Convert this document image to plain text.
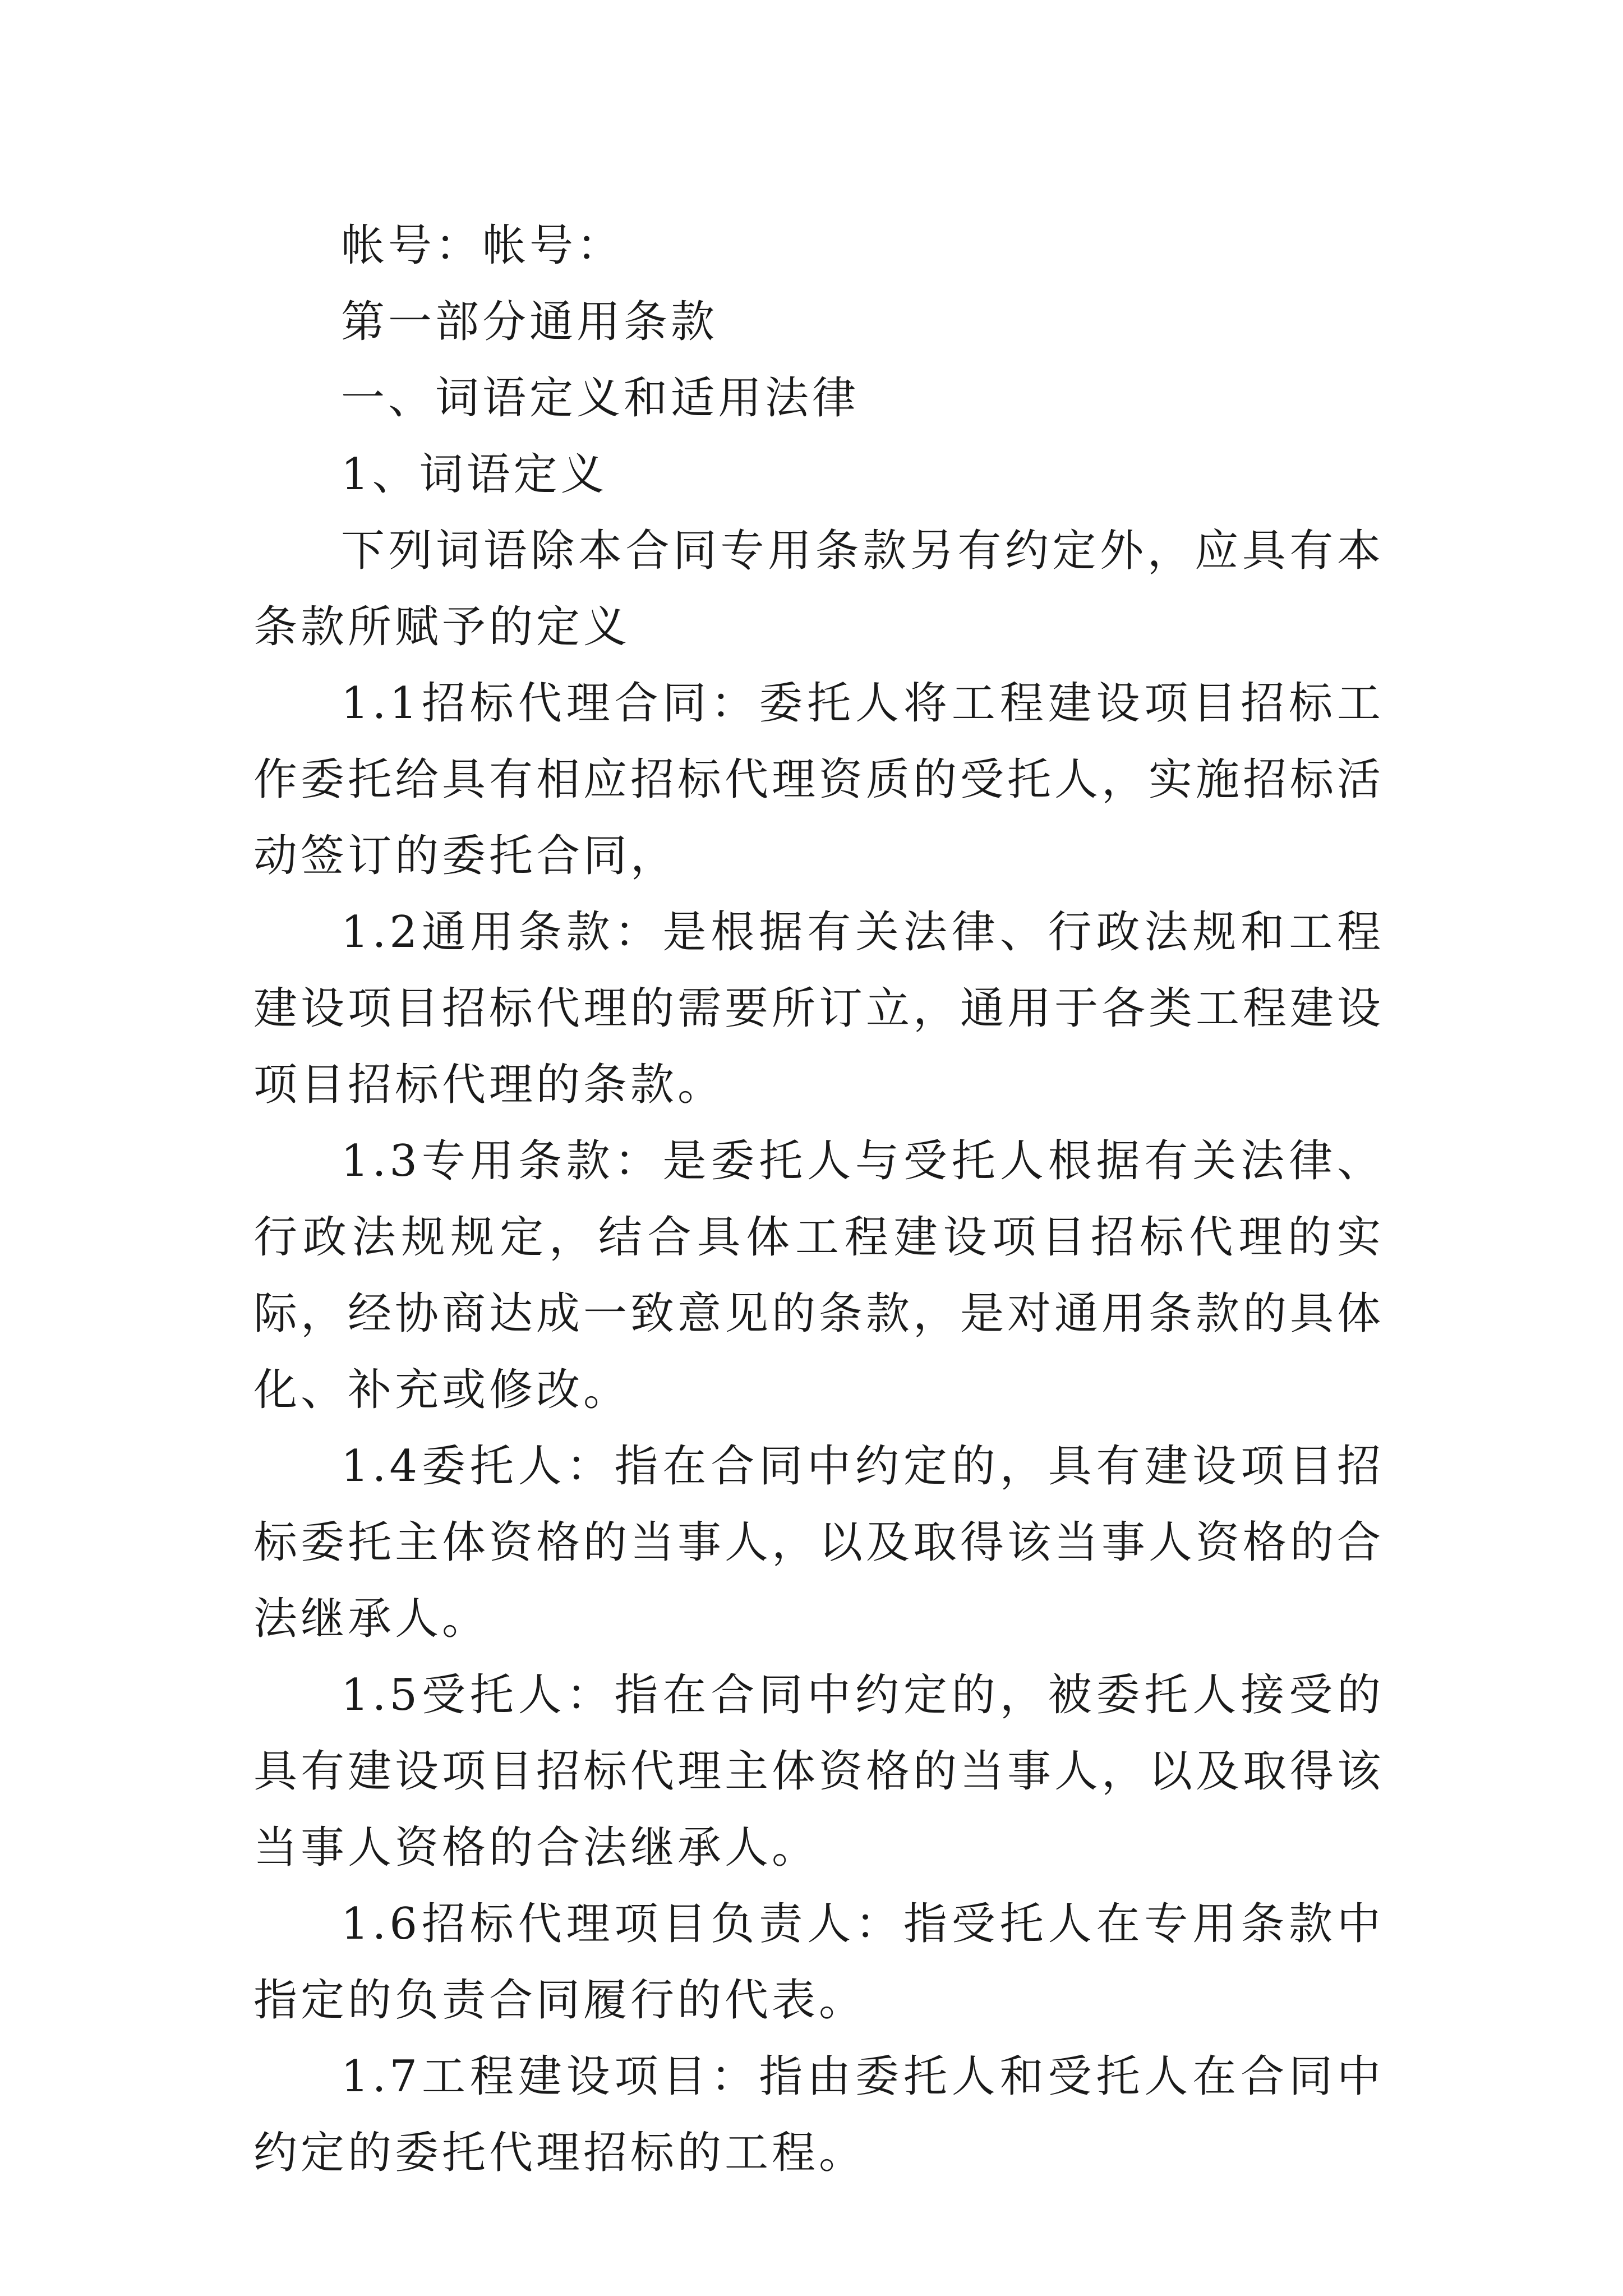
帐号：帐号：

第一部分通用条款

一、词语定义和适用法律

1、词语定义

下列词语除本合同专用条款另有约定外，应具有本条款所赋予的定义

1.1招标代理合同：委托人将工程建设项目招标工作委托给具有相应招标代理资质的受托人，实施招标活动签订的委托合同，

1.2通用条款：是根据有关法律、行政法规和工程建设项目招标代理的需要所订立，通用于各类工程建设项目招标代理的条款。

1.3专用条款：是委托人与受托人根据有关法律、行政法规规定，结合具体工程建设项目招标代理的实际，经协商达成一致意见的条款，是对通用条款的具体化、补充或修改。

1.4委托人：指在合同中约定的，具有建设项目招标委托主体资格的当事人，以及取得该当事人资格的合法继承人。

1.5受托人：指在合同中约定的，被委托人接受的具有建设项目招标代理主体资格的当事人，以及取得该当事人资格的合法继承人。

1.6招标代理项目负责人：指受托人在专用条款中指定的负责合同履行的代表。

1.7工程建设项目：指由委托人和受托人在合同中约定的委托代理招标的工程。
